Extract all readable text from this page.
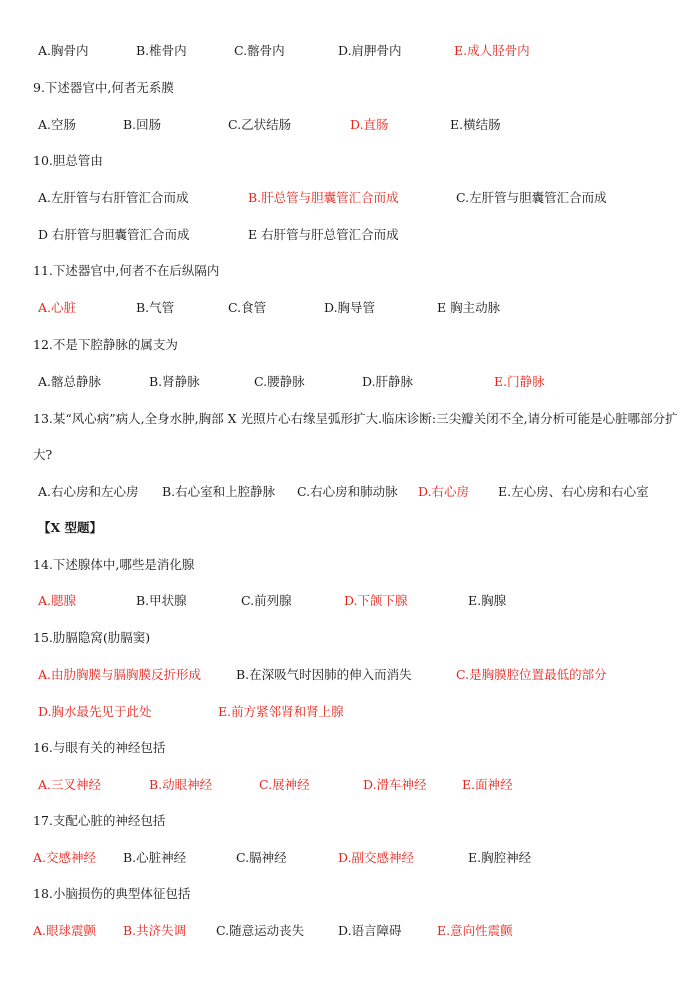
A.胸骨内	B.椎骨内	C.髂骨内	D.肩胛骨内	E.成人胫骨内
9.下述器官中,何者无系膜
A.空肠	B.回肠	C.乙状结肠	D.直肠	E.横结肠
10.胆总管由
A.左肝管与右肝管汇合而成	B.肝总管与胆囊管汇合而成	C.左肝管与胆囊管汇合而成
D 右肝管与胆囊管汇合而成	E 右肝管与肝总管汇合而成
11.下述器官中,何者不在后纵隔内
A.心脏	B.气管	C.食管	D.胸导管	E 胸主动脉
12.不是下腔静脉的属支为
A.髂总静脉	B.肾静脉	C.腰静脉	D.肝静脉	E.门静脉
13.某“风心病”病人,全身水肿,胸部 X 光照片心右缘呈弧形扩大.临床诊断:三尖瓣关闭不全,请分析可能是心脏哪部分扩
大?
A.右心房和左心房 B.右心室和上腔静脉 C.右心房和肺动脉 D.右心房 E.左心房、右心房和右心室
【X 型题】
14.下述腺体中,哪些是消化腺
A.腮腺	B.甲状腺	C.前列腺	D.下颌下腺	E.胸腺
15.肋膈隐窝(肋膈窦)
A.由肋胸膜与膈胸膜反折形成	B.在深吸气时因肺的伸入而消失	C.是胸膜腔位置最低的部分
D.胸水最先见于此处	E.前方紧邻肾和肾上腺
16.与眼有关的神经包括
A.三叉神经	B.动眼神经	C.展神经	D.滑车神经	E.面神经
17.支配心脏的神经包括
A.交感神经 B.心脏神经	C.膈神经	D.副交感神经	E.胸腔神经
18.小脑损伤的典型体征包括
A.眼球震颤 B.共济失调 C.随意运动丧失	D.语言障碍	E.意向性震颤
